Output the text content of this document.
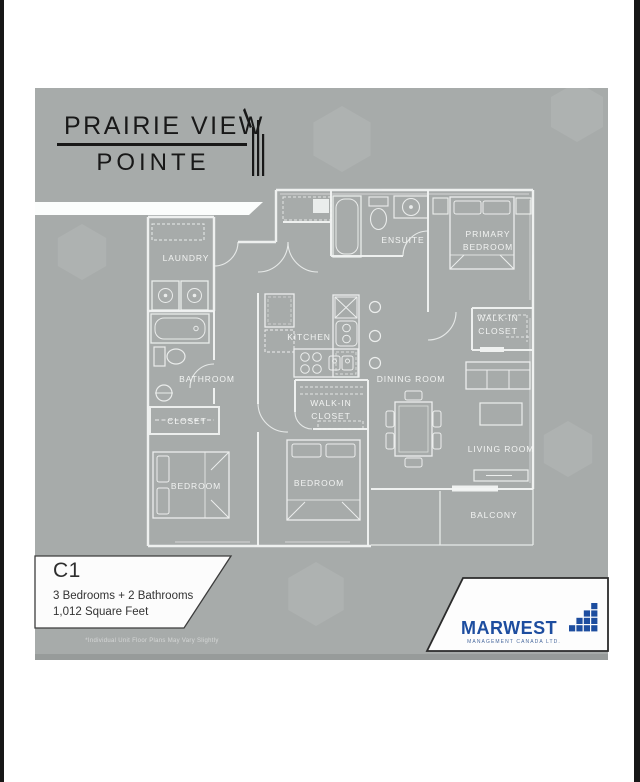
PRAIRIE VIEW
POINTE
LAUNDRY
ENSUITE
PRIMARY
BEDROOM
WALK-IN
CLOSET
KITCHEN
DINING ROOM
BATHROOM
CLOSET
WALK-IN
CLOSET
BEDROOM	BEDROOM
LIVING ROOM
BALCONY
C1
3 Bedrooms + 2 Bathrooms
1,012 Square Feet
*Individual Unit Floor Plans May Vary Slightly
MARWEST
MANAGEMENT CANADA LTD.
